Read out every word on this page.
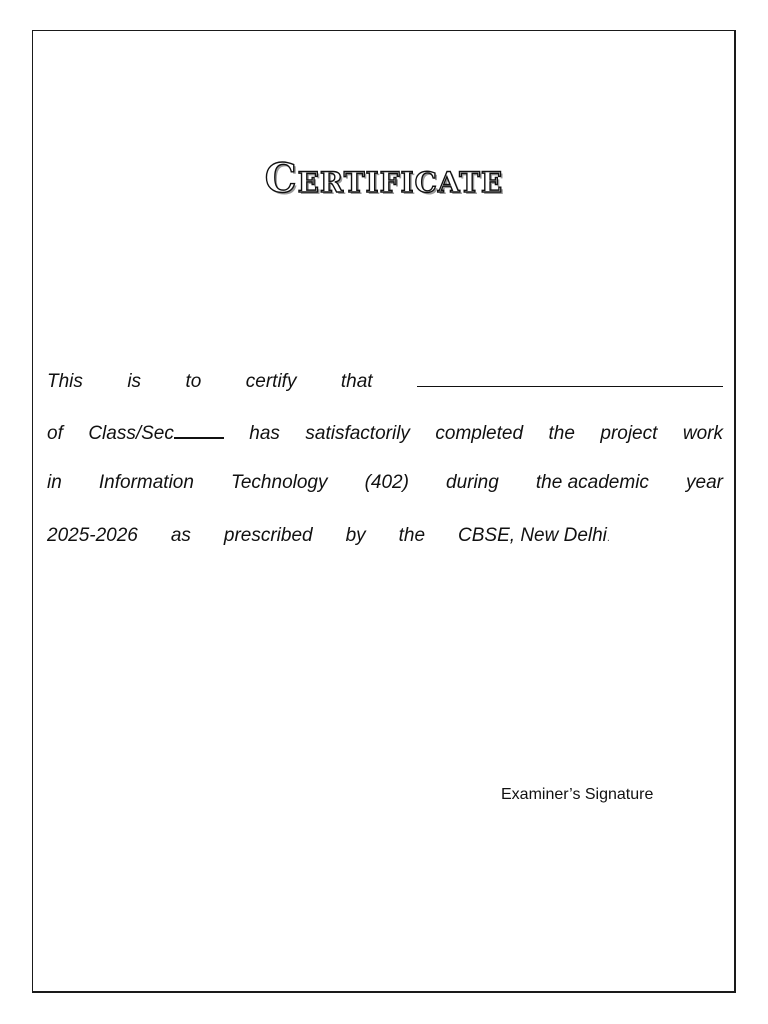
Certificate
This is to certify that
of Class/Sec	has satisfactorily completed the project work
in Information Technology (402) during the academic year
2025-2026 as prescribed by the CBSE, New Delhi.
Examiner’s Signature
